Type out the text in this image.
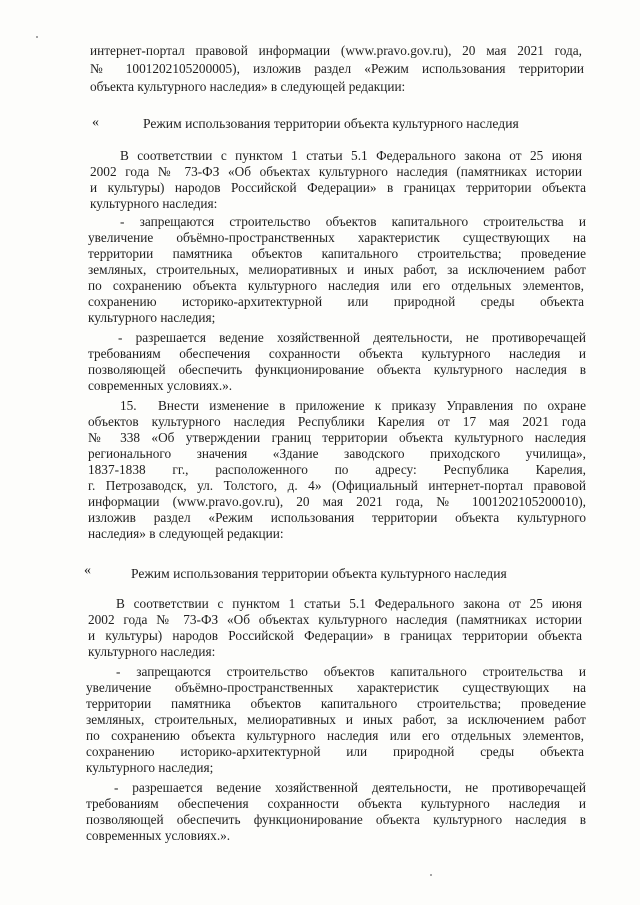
интернет-портал правовой информации (www.pravo.gov.ru), 20 мая 2021 года,
№ 1001202105200005), изложив раздел «Режим использования территории
объекта культурного наследия» в следующей редакции:
«	Режим использования территории объекта культурного наследия
В соответствии с пунктом 1 статьи 5.1 Федерального закона от 25 июня
2002 года № 73-ФЗ «Об объектах культурного наследия (памятниках истории
и культуры) народов Российской Федерации» в границах территории объекта
культурного наследия:
- запрещаются строительство объектов капитального строительства и
увеличение объёмно-пространственных характеристик существующих на
территории памятника объектов капитального строительства; проведение
земляных, строительных, мелиоративных и иных работ, за исключением работ
по сохранению объекта культурного наследия или его отдельных элементов,
сохранению историко-архитектурной или природной среды объекта
культурного наследия;
- разрешается ведение хозяйственной деятельности, не противоречащей
требованиям обеспечения сохранности объекта культурного наследия и
позволяющей обеспечить функционирование объекта культурного наследия в
современных условиях.».
15. Внести изменение в приложение к приказу Управления по охране
объектов культурного наследия Республики Карелия от 17 мая 2021 года
№ 338 «Об утверждении границ территории объекта культурного наследия
регионального значения «Здание заводского приходского училища»,
1837-1838 гг., расположенного по адресу: Республика Карелия,
г. Петрозаводск, ул. Толстого, д. 4» (Официальный интернет-портал правовой
информации (www.pravo.gov.ru), 20 мая 2021 года, № 1001202105200010),
изложив раздел «Режим использования территории объекта культурного
наследия» в следующей редакции:
«	Режим использования территории объекта культурного наследия
В соответствии с пунктом 1 статьи 5.1 Федерального закона от 25 июня
2002 года № 73-ФЗ «Об объектах культурного наследия (памятниках истории
и культуры) народов Российской Федерации» в границах территории объекта
культурного наследия:
- запрещаются строительство объектов капитального строительства и
увеличение объёмно-пространственных характеристик существующих на
территории памятника объектов капитального строительства; проведение
земляных, строительных, мелиоративных и иных работ, за исключением работ
по сохранению объекта культурного наследия или его отдельных элементов,
сохранению историко-архитектурной или природной среды объекта
культурного наследия;
- разрешается ведение хозяйственной деятельности, не противоречащей
требованиям обеспечения сохранности объекта культурного наследия и
позволяющей обеспечить функционирование объекта культурного наследия в
современных условиях.».
